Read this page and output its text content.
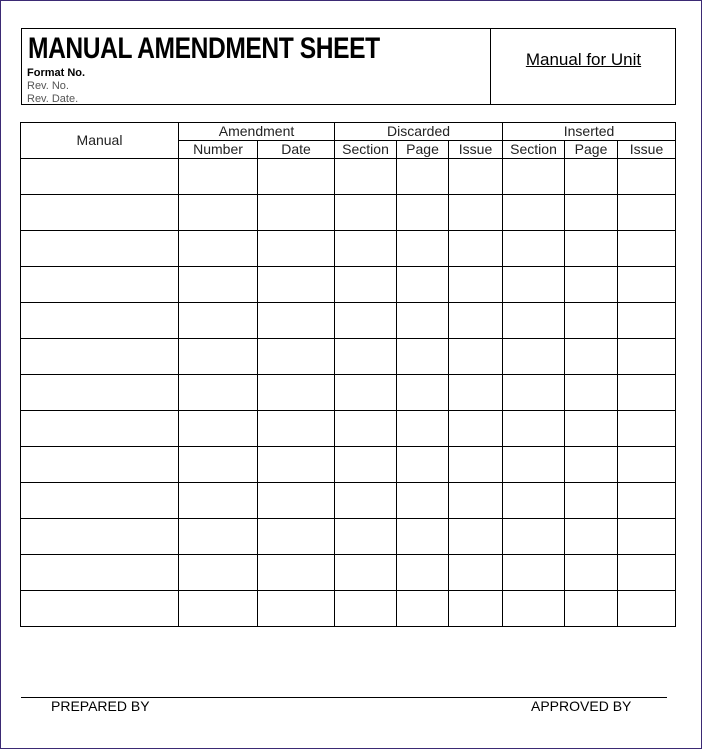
MANUAL AMENDMENT SHEET
Format No.
Rev. No.
Rev. Date.
Manual for Unit
Manual	Amendment		Discarded			Inserted		
	Number	Date	Section	Page	Issue	Section	Page	Issue

PREPARED BY	APPROVED BY
